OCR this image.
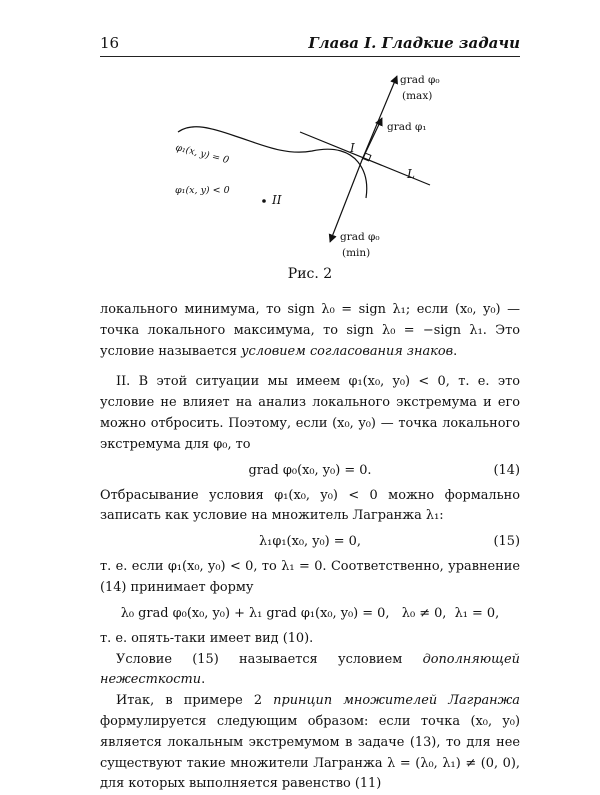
16	Глава I. Гладкие задачи
grad φ₀
(max)
grad φ₁
grad φ₀
(min)
φ₁(x, y) = 0
φ₁(x, y) < 0
I
L
II
Рис. 2

локального минимума, то sign λ₀ = sign λ₁; если (x₀, y₀) — точка локального максимума, то sign λ₀ = −sign λ₁. Это условие называется условием согласования знаков.

II. В этой ситуации мы имеем φ₁(x₀, y₀) < 0, т. е. это условие не влияет на анализ локального экстремума и его можно отбросить. Поэтому, если (x₀, y₀) — точка локального экстремума для φ₀, то

grad φ₀(x₀, y₀) = 0.	(14)

Отбрасывание условия φ₁(x₀, y₀) < 0 можно формально записать как условие на множитель Лагранжа λ₁:

λ₁φ₁(x₀, y₀) = 0,	(15)

т. е. если φ₁(x₀, y₀) < 0, то λ₁ = 0. Соответственно, уравнение (14) принимает форму

λ₀ grad φ₀(x₀, y₀) + λ₁ grad φ₁(x₀, y₀) = 0,   λ₀ ≠ 0,  λ₁ = 0,

т. е. опять-таки имеет вид (10).

Условие (15) называется условием дополняющей нежесткости.

Итак, в примере 2 принцип множителей Лагранжа формулируется следующим образом: если точка (x₀, y₀) является локальным экстремумом в задаче (13), то для нее существуют такие множители Лагранжа λ = (λ₀, λ₁) ≠ (0, 0), для которых выполняется равенство (11)
